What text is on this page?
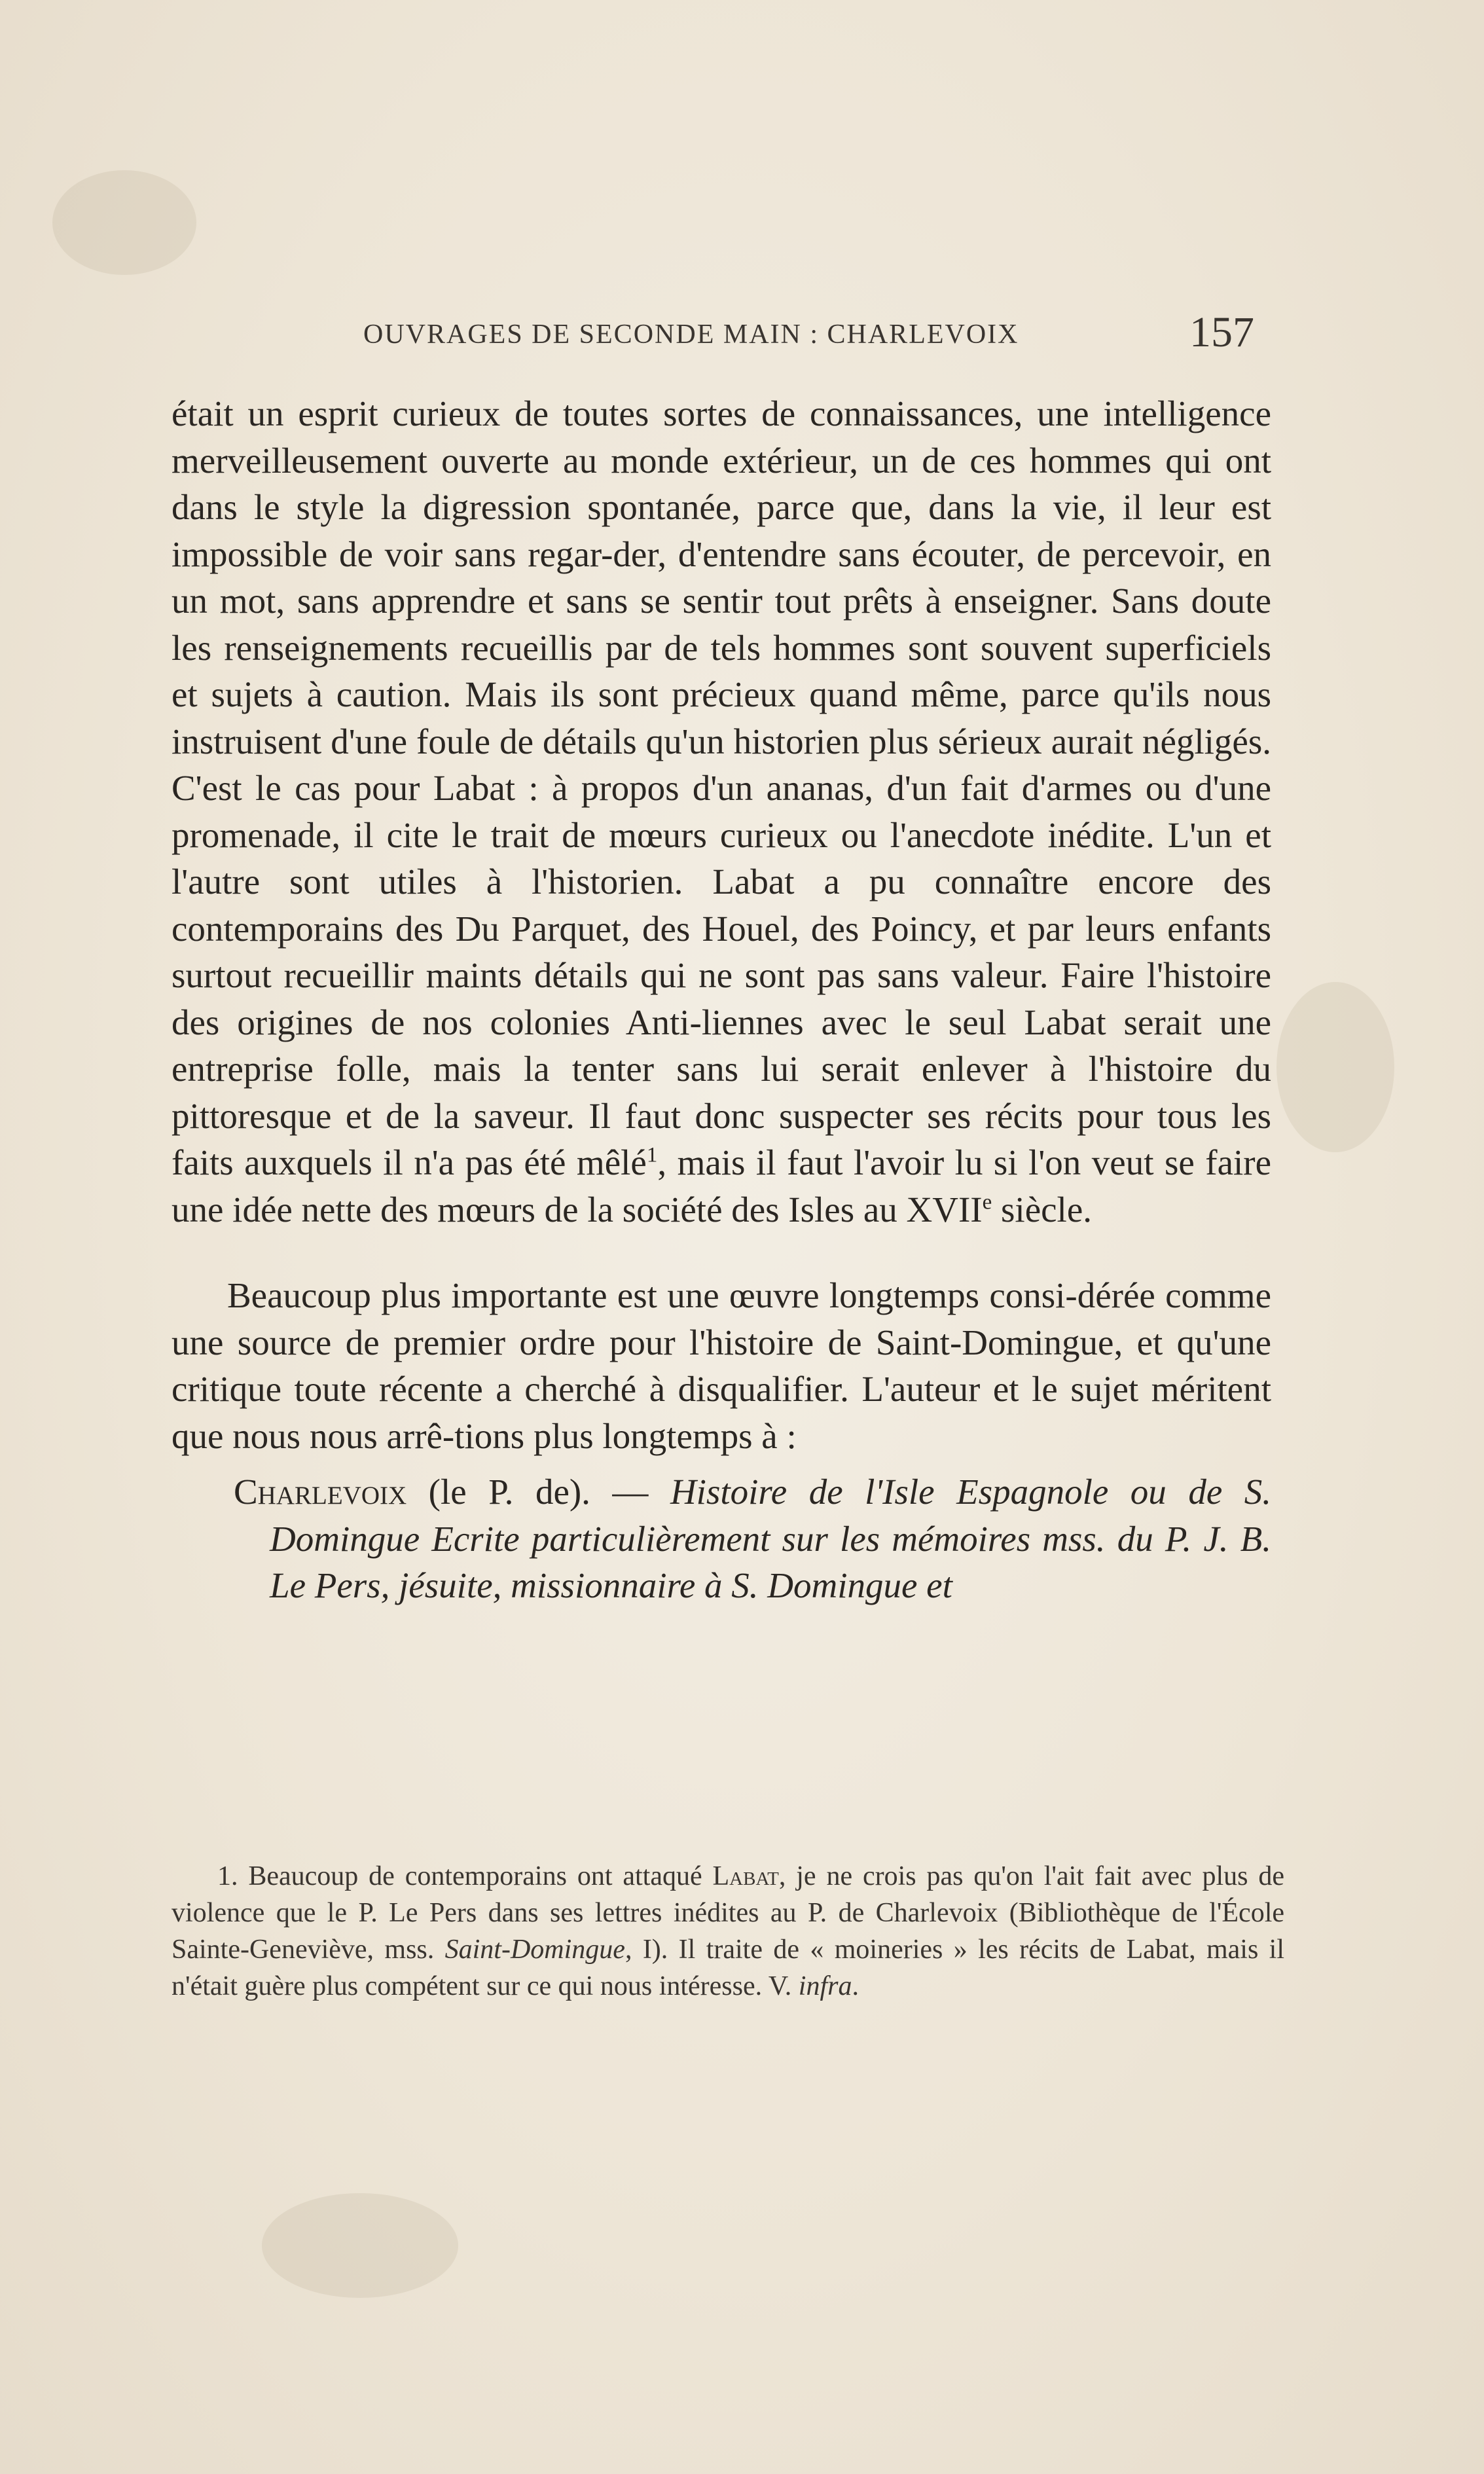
OUVRAGES DE SECONDE MAIN : CHARLEVOIX	157

était un esprit curieux de toutes sortes de connaissances, une intelligence merveilleusement ouverte au monde extérieur, un de ces hommes qui ont dans le style la digression spontanée, parce que, dans la vie, il leur est impossible de voir sans regar-der, d'entendre sans écouter, de percevoir, en un mot, sans apprendre et sans se sentir tout prêts à enseigner. Sans doute les renseignements recueillis par de tels hommes sont souvent superficiels et sujets à caution. Mais ils sont précieux quand même, parce qu'ils nous instruisent d'une foule de détails qu'un historien plus sérieux aurait négligés. C'est le cas pour Labat : à propos d'un ananas, d'un fait d'armes ou d'une promenade, il cite le trait de mœurs curieux ou l'anecdote inédite. L'un et l'autre sont utiles à l'historien. Labat a pu connaître encore des contemporains des Du Parquet, des Houel, des Poincy, et par leurs enfants surtout recueillir maints détails qui ne sont pas sans valeur. Faire l'histoire des origines de nos colonies Anti-liennes avec le seul Labat serait une entreprise folle, mais la tenter sans lui serait enlever à l'histoire du pittoresque et de la saveur. Il faut donc suspecter ses récits pour tous les faits auxquels il n'a pas été mêlé$^1$, mais il faut l'avoir lu si l'on veut se faire une idée nette des mœurs de la société des Isles au XVIIe siècle.

Beaucoup plus importante est une œuvre longtemps consi-dérée comme une source de premier ordre pour l'histoire de Saint-Domingue, et qu'une critique toute récente a cherché à disqualifier. L'auteur et le sujet méritent que nous nous arrê-tions plus longtemps à :

Charlevoix (le P. de). — Histoire de l'Isle Espagnole ou de S. Domingue Ecrite particulièrement sur les mémoires mss. du P. J. B. Le Pers, jésuite, missionnaire à S. Domingue et

1. Beaucoup de contemporains ont attaqué Labat, je ne crois pas qu'on l'ait fait avec plus de violence que le P. Le Pers dans ses lettres inédites au P. de Charlevoix (Bibliothèque de l'École Sainte-Geneviève, mss. Saint-Domingue, I). Il traite de « moineries » les récits de Labat, mais il n'était guère plus compétent sur ce qui nous intéresse. V. infra.
